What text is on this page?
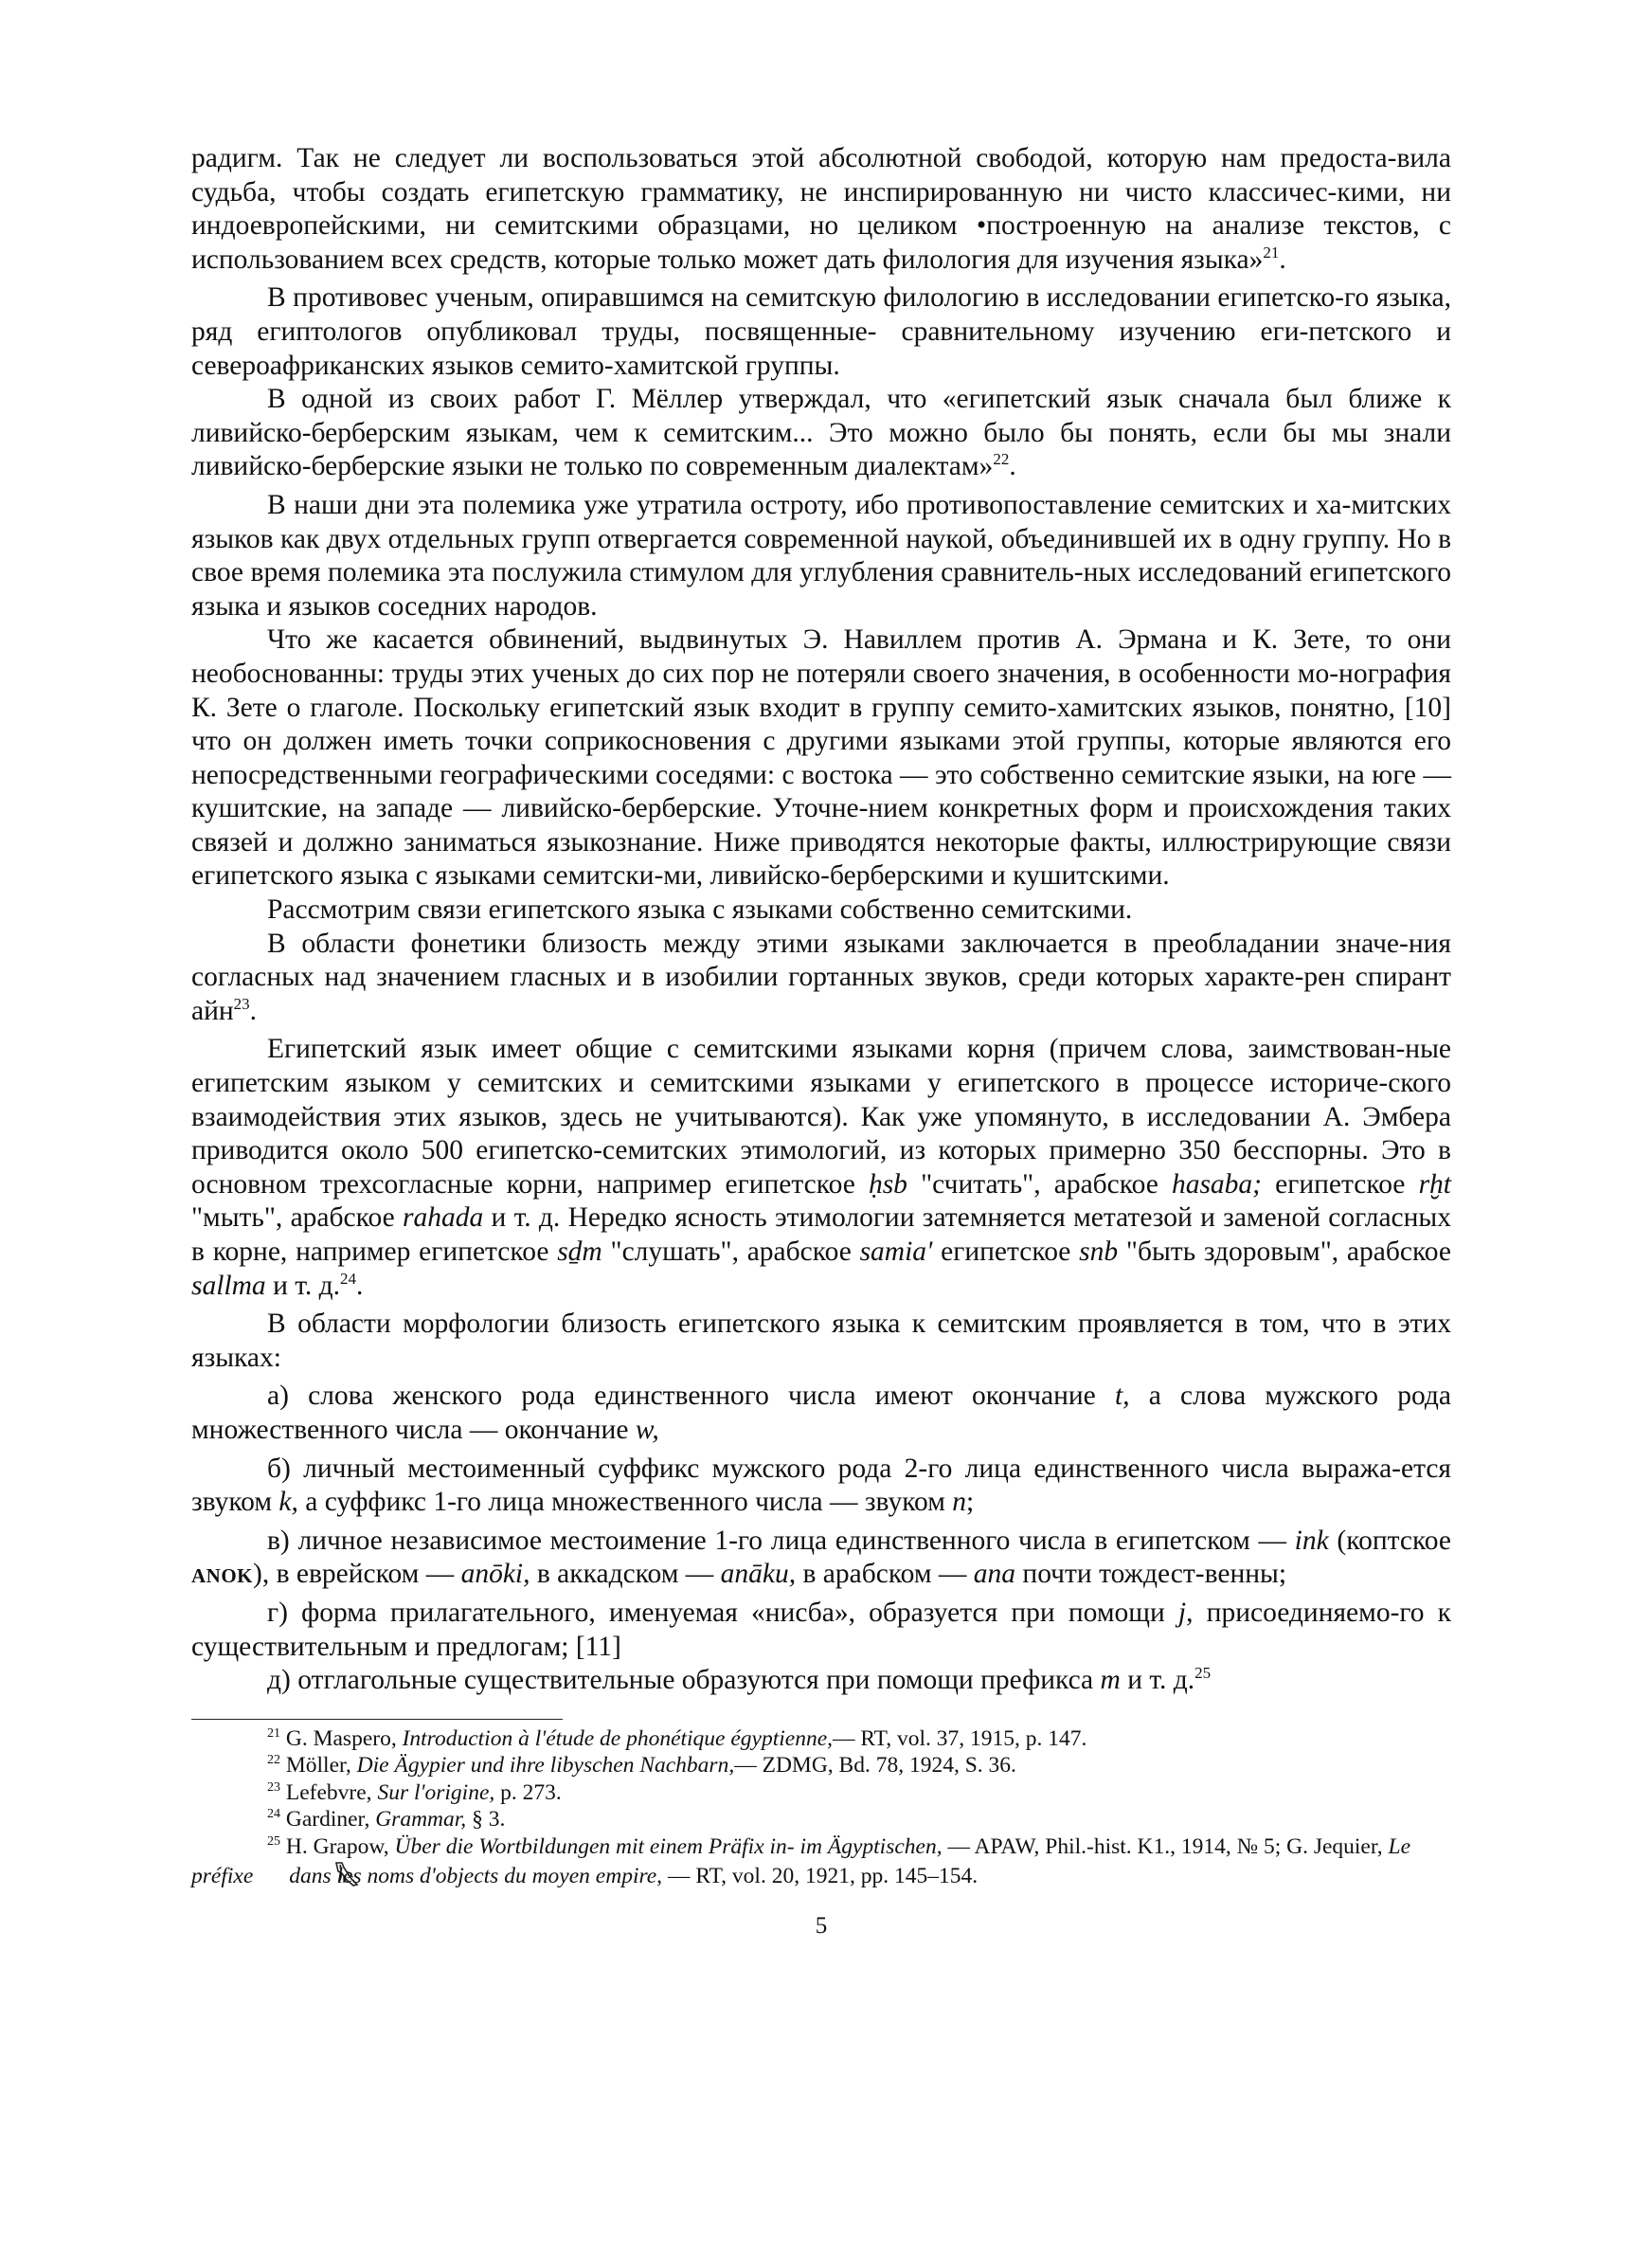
радигм. Так не следует ли воспользоваться этой абсолютной свободой, которую нам предоста-вила судьба, чтобы создать египетскую грамматику, не инспирированную ни чисто классичес-кими, ни индоевропейскими, ни семитскими образцами, но целиком •построенную на анализе текстов, с использованием всех средств, которые только может дать филология для изучения языка»$^{21}$.

В противовес ученым, опиравшимся на семитскую филологию в исследовании египетско-го языка, ряд египтологов опубликовал труды, посвященные- сравнительному изучению еги-петского и североафриканских языков семито-хамитской группы.

В одной из своих работ Г. Мёллер утверждал, что «египетский язык сначала был ближе к ливийско-берберским языкам, чем к семитским... Это можно было бы понять, если бы мы знали ливийско-берберские языки не только по современным диалектам»$^{22}$.

В наши дни эта полемика уже утратила остроту, ибо противопоставление семитских и ха-митских языков как двух отдельных групп отвергается современной наукой, объединившей их в одну группу. Но в свое время полемика эта послужила стимулом для углубления сравнитель-ных исследований египетского языка и языков соседних народов.

Что же касается обвинений, выдвинутых Э. Навиллем против А. Эрмана и К. Зете, то они необоснованны: труды этих ученых до сих пор не потеряли своего значения, в особенности мо-нография К. Зете о глаголе. Поскольку египетский язык входит в группу семито-хамитских языков, понятно, [10] что он должен иметь точки соприкосновения с другими языками этой группы, которые являются его непосредственными географическими соседями: с востока — это собственно семитские языки, на юге — кушитские, на западе — ливийско-берберские. Уточне-нием конкретных форм и происхождения таких связей и должно заниматься языкознание. Ниже приводятся некоторые факты, иллюстрирующие связи египетского языка с языками семитски-ми, ливийско-берберскими и кушитскими.

Рассмотрим связи египетского языка с языками собственно семитскими.

В области фонетики близость между этими языками заключается в преобладании значе-ния согласных над значением гласных и в изобилии гортанных звуков, среди которых характе-рен спирант айн$^{23}$.

Египетский язык имеет общие с семитскими языками корня (причем слова, заимствован-ные египетским языком у семитских и семитскими языками у египетского в процессе историче-ского взаимодействия этих языков, здесь не учитываются). Как уже упомянуто, в исследовании А. Эмбера приводится около 500 египетско-семитских этимологий, из которых примерно 350 бесспорны. Это в основном трехсогласные корни, например египетское ḥsb "считать", арабское hasaba; египетское rḫt "мыть", арабское rahada и т. д. Нередко ясность этимологии затемняется метатезой и заменой согласных в корне, например египетское sḏm "слушать", арабское samia' египетское snb "быть здоровым", арабское sallma и т. д.$^{24}$.

В области морфологии близость египетского языка к семитским проявляется в том, что в этих языках:

а) слова женского рода единственного числа имеют окончание t, а слова мужского рода множественного числа — окончание w,

б) личный местоименный суффикс мужского рода 2-го лица единственного числа выража-ется звуком k, а суффикс 1-го лица множественного числа — звуком n;

в) личное независимое местоимение 1-го лица единственного числа в египетском — ink (коптское anok), в еврейском — anōki, в аккадском — anāku, в арабском — ana почти тождест-венны;

г) форма прилагательного, именуемая «нисба», образуется при помощи j, присоединяемо-го к существительным и предлогам; [11]

д) отглагольные существительные образуются при помощи префикса m и т. д.$^{25}$

$^{21}$ G. Maspero, Introduction à l'étude de phonétique égyptienne,— RT, vol. 37, 1915, p. 147.

$^{22}$ Möller, Die Ägypier und ihre libyschen Nachbarn,— ZDMG, Bd. 78, 1924, S. 36.

$^{23}$ Lefebvre, Sur l'origine, p. 273.

$^{24}$ Gardiner, Grammar, § 3.

$^{25}$ H. Grapow, Über die Wortbildungen mit einem Präfix in- im Ägyptischen, — APAW, Phil.-hist. K1., 1914, № 5; G. Jequier, Le préfixe dans les noms d'objects du moyen empire, — RT, vol. 20, 1921, pp. 145–154.

5
